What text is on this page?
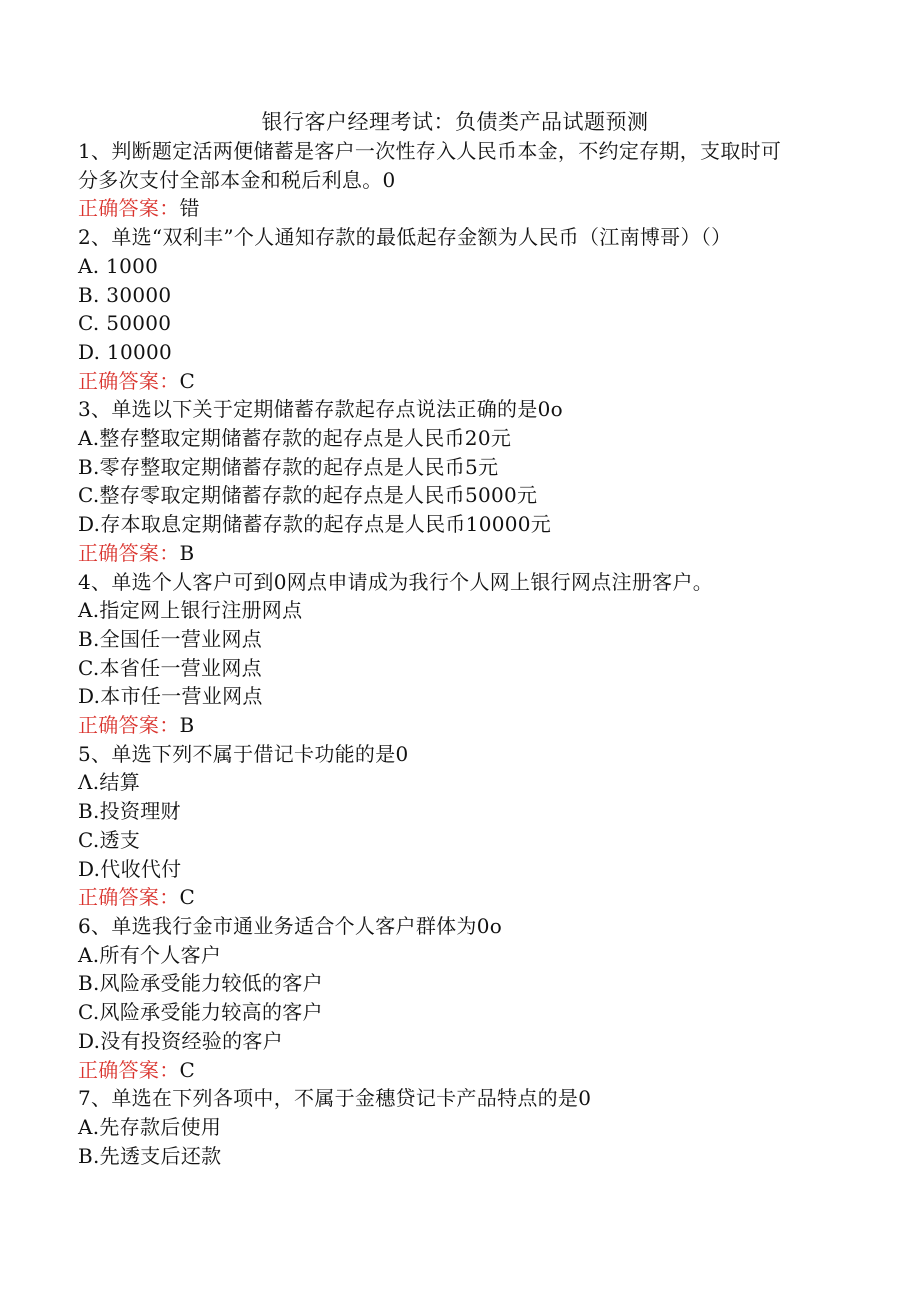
银行客户经理考试：负债类产品试题预测
1、判断题定活两便储蓄是客户一次性存入人民币本金，不约定存期，支取时可
分多次支付全部本金和税后利息。0
正确答案：错
2、单选“双利丰”个人通知存款的最低起存金额为人民币（江南博哥）（）
A. 1000
B. 30000
C. 50000
D. 10000
正确答案：C
3、单选以下关于定期储蓄存款起存点说法正确的是0o
A.整存整取定期储蓄存款的起存点是人民币20元
B.零存整取定期储蓄存款的起存点是人民币5元
C.整存零取定期储蓄存款的起存点是人民币5000元
D.存本取息定期储蓄存款的起存点是人民币10000元
正确答案：B
4、单选个人客户可到0网点申请成为我行个人网上银行网点注册客户。
A.指定网上银行注册网点
B.全国任一营业网点
C.本省任一营业网点
D.本市任一营业网点
正确答案：B
5、单选下列不属于借记卡功能的是0
Λ.结算
B.投资理财
C.透支
D.代收代付
正确答案：C
6、单选我行金市通业务适合个人客户群体为0o
A.所有个人客户
B.风险承受能力较低的客户
C.风险承受能力较高的客户
D.没有投资经验的客户
正确答案：C
7、单选在下列各项中，不属于金穗贷记卡产品特点的是0
A.先存款后使用
B.先透支后还款
